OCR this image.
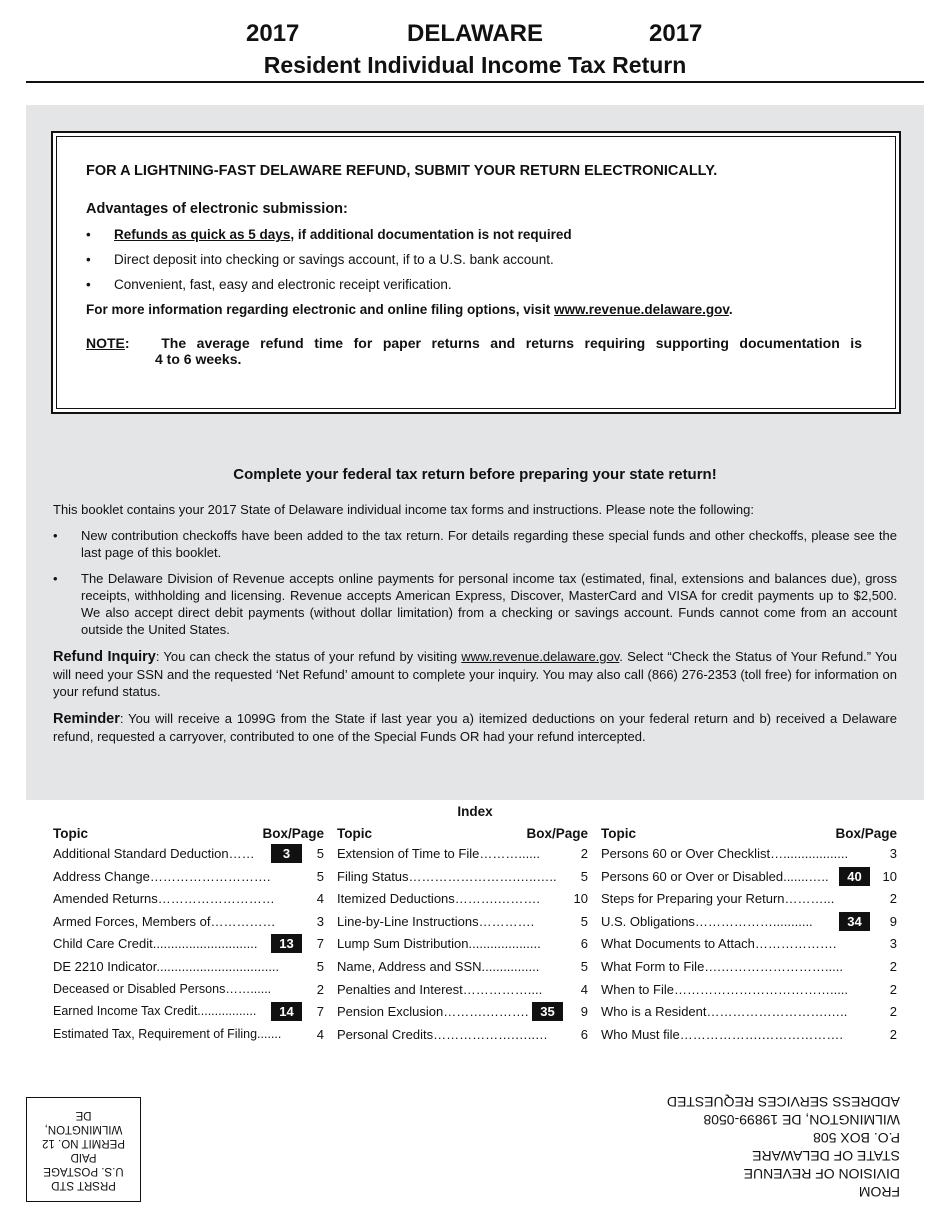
DELAWARE
2017	2017
Resident Individual Income Tax Return
FOR A LIGHTNING-FAST DELAWARE REFUND, SUBMIT YOUR RETURN ELECTRONICALLY.
Advantages of electronic submission:
• Refunds as quick as 5 days, if additional documentation is not required
• Direct deposit into checking or savings account, if to a U.S. bank account.
• Convenient, fast, easy and electronic receipt verification.
For more information regarding electronic and online filing options, visit www.revenue.delaware.gov.
NOTE: The average refund time for paper returns and returns requiring supporting documentation is
4 to 6 weeks.
Complete your federal tax return before preparing your state return!

This booklet contains your 2017 State of Delaware individual income tax forms and instructions. Please note the following:

• New contribution checkoffs have been added to the tax return. For details regarding these special funds and other checkoffs, please see the last page of this booklet.
• The Delaware Division of Revenue accepts online payments for personal income tax (estimated, final, extensions and balances due), gross receipts, withholding and licensing. Revenue accepts American Express, Discover, MasterCard and VISA for credit payments up to $2,500. We also accept direct debit payments (without dollar limitation) from a checking or savings account. Funds cannot come from an account outside the United States.
Refund Inquiry: You can check the status of your refund by visiting www.revenue.delaware.gov. Select “Check the Status of Your Refund.” You will need your SSN and the requested ‘Net Refund’ amount to complete your inquiry. You may also call (866) 276-2353 (toll free) for information on your refund status.
Reminder: You will receive a 1099G from the State if last year you a) itemized deductions on your federal return and b) received a Delaware refund, requested a carryover, contributed to one of the Special Funds OR had your refund intercepted.
Index
Topic	Box/Page
Additional Standard Deduction……	3	5
Address Change……………………….	5
Amended Returns………………………	4
Armed Forces, Members of……………	3
Child Care Credit.............................	13	7
DE 2210 Indicator..................................	5
Deceased or Disabled Persons……......	2
Earned Income Tax Credit.................	14	7
Estimated Tax, Requirement of Filing.......	4
Topic	Box/Page
Extension of Time to File………......	2
Filing Status…………………….…..…..	5
Itemized Deductions……….……….	10
Line-by-Line Instructions………….	5
Lump Sum Distribution....................	6
Name, Address and SSN................	5
Penalties and Interest……………....	4
Pension Exclusion……….………. 35	9
Personal Credits……………….…..…	6
Topic	Box/Page
Persons 60 or Over Checklist…..................	3
Persons 60 or Over or Disabled.......…..	40	10
Steps for Preparing your Return………...	2
U.S. Obligations………………...........	34	9
What Documents to Attach……………….	3
What Form to File….…………………….....	2
When to File……………………………….....	2
Who is a Resident……………………….…..	2
Who Must file……………….……………….	2
PRSRT STD
U.S. POSTAGE
PAID
PERMIT NO. 12
WILMINGTON,
DE
FROM
DIVISION OF REVENUE
STATE OF DELAWARE
P.O. BOX 508
WILMINGTON, DE 19899-0508
ADDRESS SERVICES REQUESTED
